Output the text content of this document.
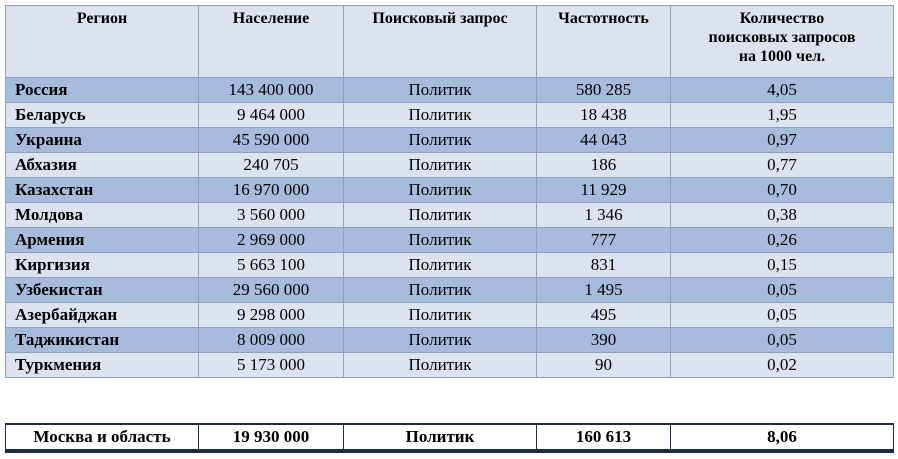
Регион	Население	Поисковый запрос	Частотность	Количество
поисковых запросов
на 1000 чел.

Россия	143 400 000	Политик	580 285	4,05
Беларусь	9 464 000	Политик	18 438	1,95
Украина	45 590 000	Политик	44 043	0,97
Абхазия	240 705	Политик	186	0,77
Казахстан	16 970 000	Политик	11 929	0,70
Молдова	3 560 000	Политик	1 346	0,38
Армения	2 969 000	Политик	777	0,26
Киргизия	5 663 100	Политик	831	0,15
Узбекистан	29 560 000	Политик	1 495	0,05
Азербайджан	9 298 000	Политик	495	0,05
Таджикистан	8 009 000	Политик	390	0,05
Туркмения	5 173 000	Политик	90	0,02
Москва и область	19 930 000	Политик	160 613	8,06
